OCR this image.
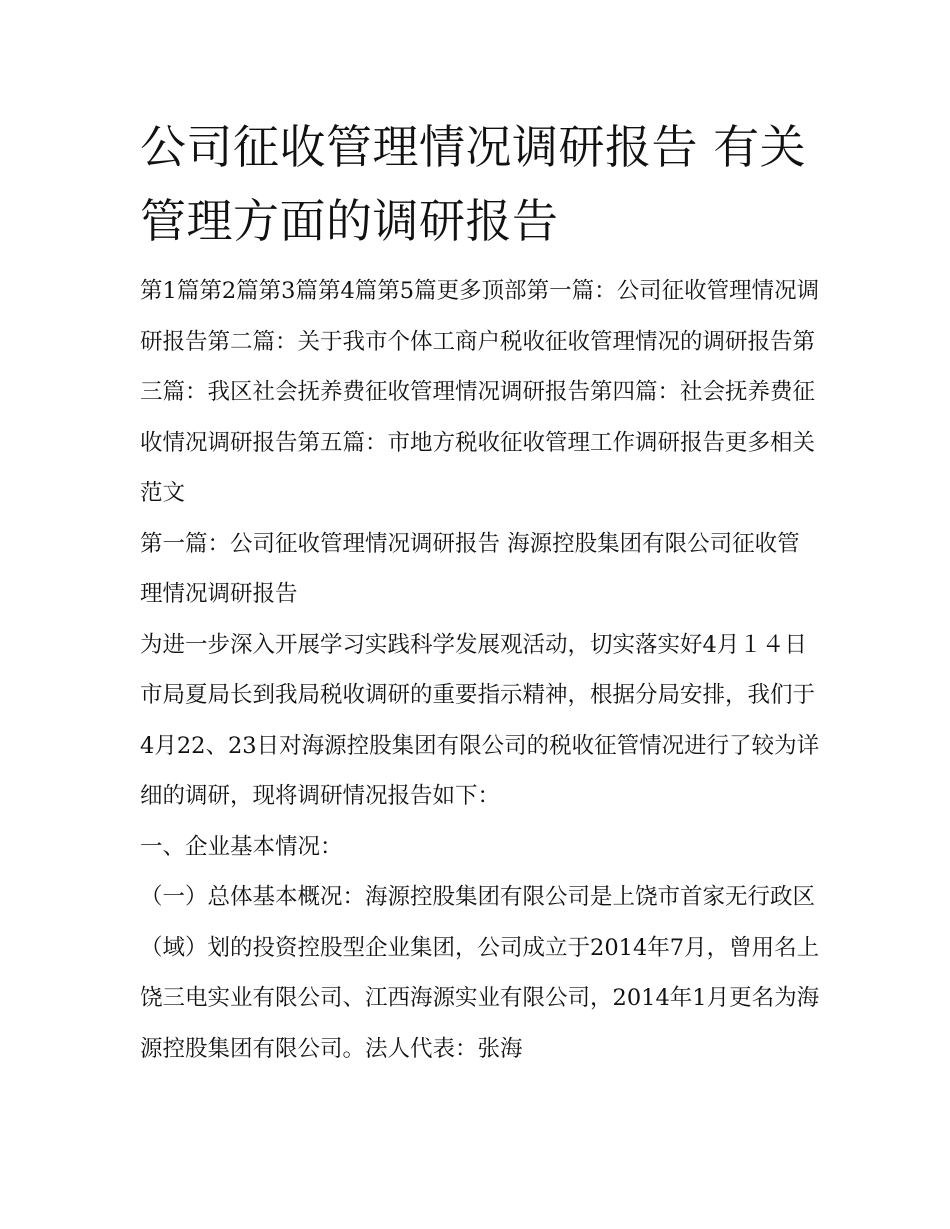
公司征收管理情况调研报告 有关管理方面的调研报告

第1篇第2篇第3篇第4篇第5篇更多顶部第一篇：公司征收管理情况调研报告第二篇：关于我市个体工商户税收征收管理情况的调研报告第三篇：我区社会抚养费征收管理情况调研报告第四篇：社会抚养费征收情况调研报告第五篇：市地方税收征收管理工作调研报告更多相关范文

第一篇：公司征收管理情况调研报告 海源控股集团有限公司征收管理情况调研报告

为进一步深入开展学习实践科学发展观活动，切实落实好4月１４日市局夏局长到我局税收调研的重要指示精神，根据分局安排，我们于4月22、23日对海源控股集团有限公司的税收征管情况进行了较为详细的调研，现将调研情况报告如下：

一、企业基本情况：

（一）总体基本概况：海源控股集团有限公司是上饶市首家无行政区（域）划的投资控股型企业集团，公司成立于2014年7月，曾用名上饶三电实业有限公司、江西海源实业有限公司，2014年1月更名为海源控股集团有限公司。法人代表：张海
